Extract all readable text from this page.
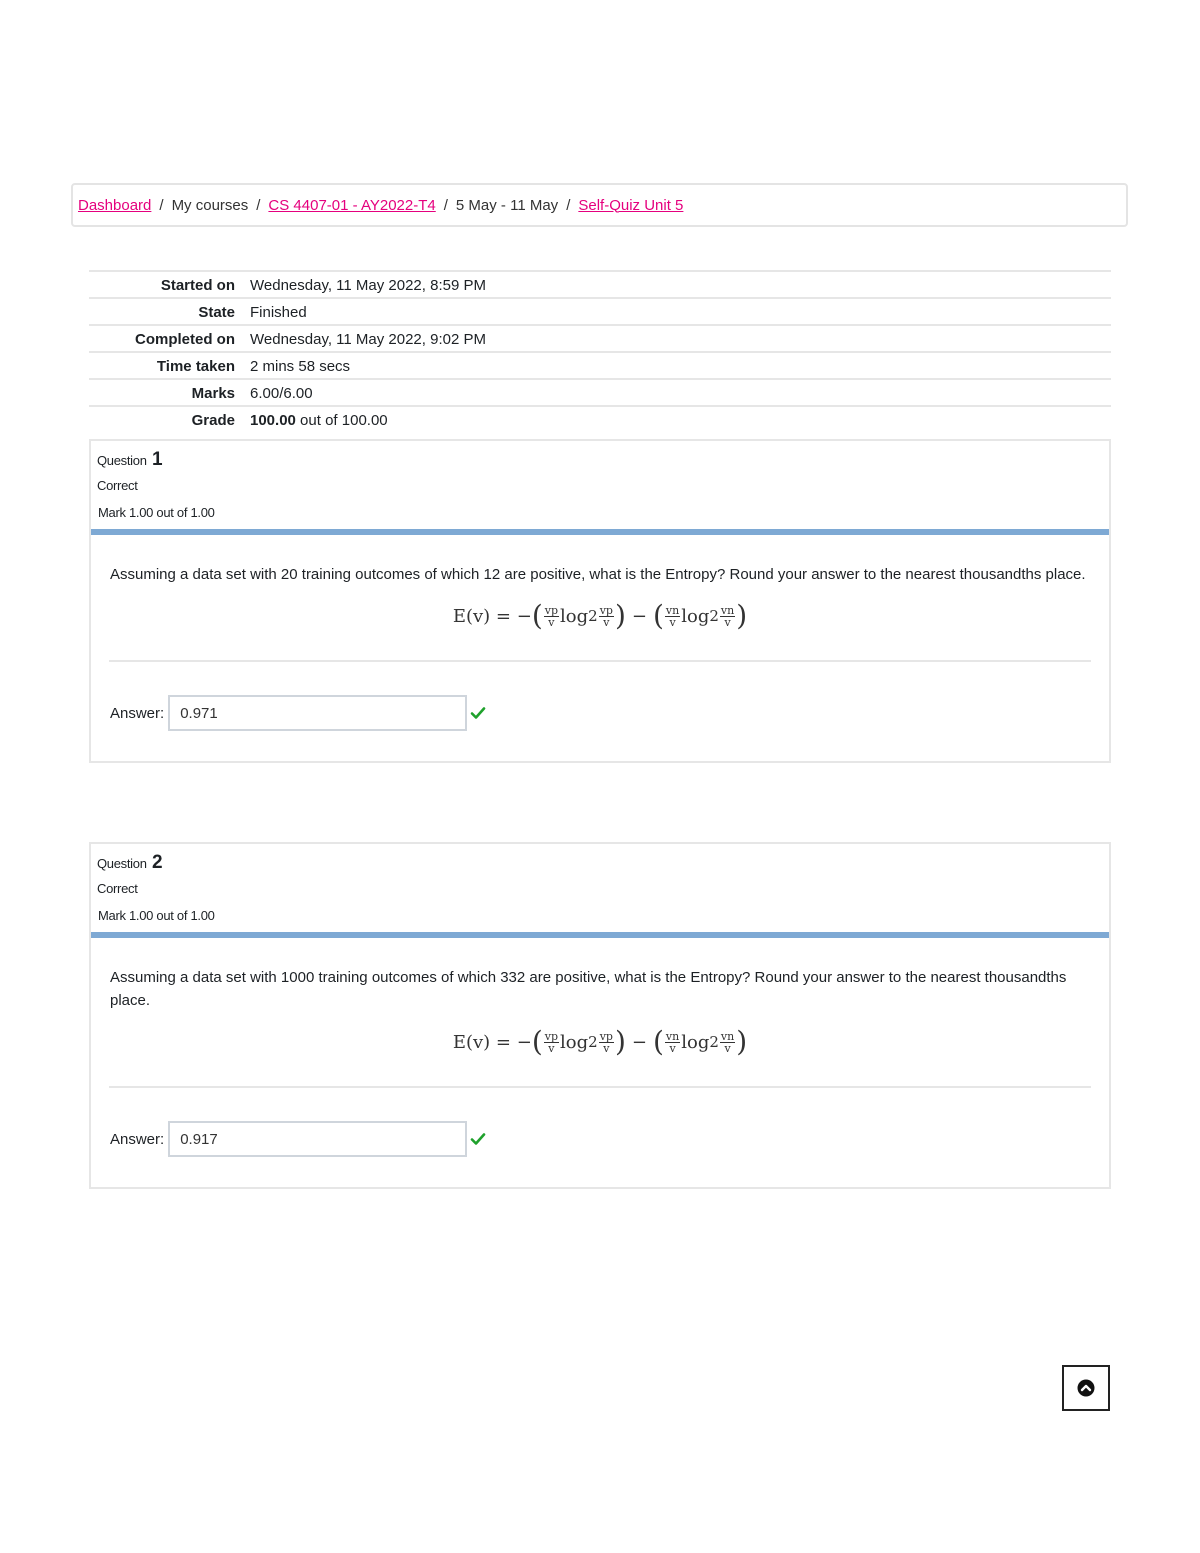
Dashboard / My courses / CS 4407-01 - AY2022-T4 / 5 May - 11 May / Self-Quiz Unit 5
Started on	Wednesday, 11 May 2022, 8:59 PM
State	Finished
Completed on	Wednesday, 11 May 2022, 9:02 PM
Time taken	2 mins 58 secs
Marks	6.00/6.00
Grade	100.00 out of 100.00
Question 1
Correct
Mark 1.00 out of 1.00
Assuming a data set with 20 training outcomes of which 12 are positive, what is the Entropy? Round your answer to the nearest thousandths place.
E(v) = − ( $\frac{vp}{v}$ $\log 2 \frac{vp}{v}$ ) − ( $\frac{vn}{v}$ $\log 2 \frac{vn}{v}$ )
Answer:
0.971
Question 2
Correct
Mark 1.00 out of 1.00
Assuming a data set with 1000 training outcomes of which 332 are positive, what is the Entropy? Round your answer to the nearest thousandths place.
E(v) = − ( $\frac{vp}{v}$ $\log 2 \frac{vp}{v}$ ) − ( $\frac{vn}{v}$ $\log 2 \frac{vn}{v}$ )
Answer:
0.917
